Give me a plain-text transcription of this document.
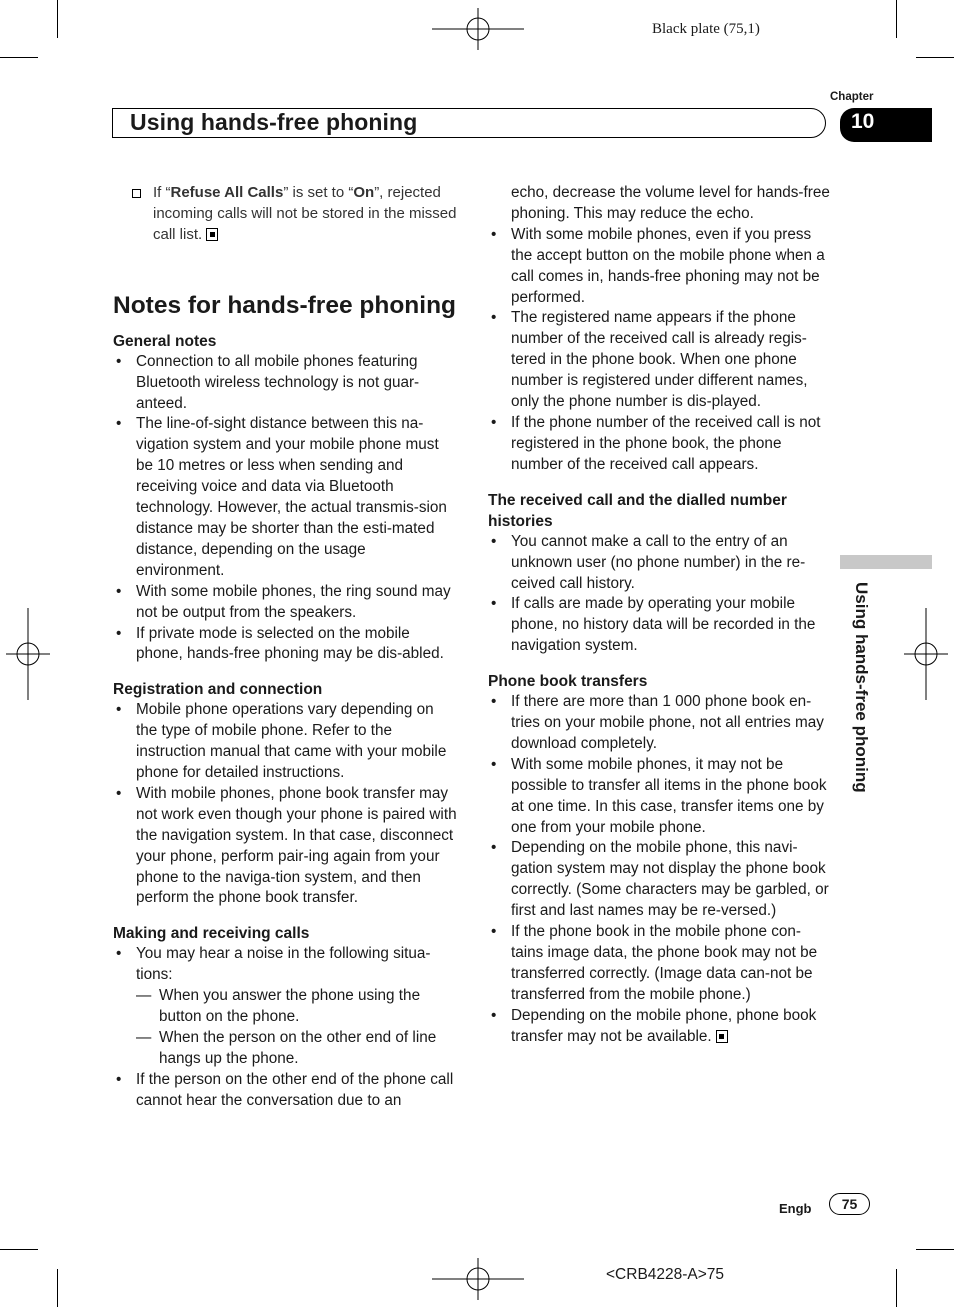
Black plate (75,1)
Using hands-free phoning
Chapter
10
Using hands-free phoning
If “Refuse All Calls” is set to “On”, rejected incoming calls will not be stored in the missed call list.
Notes for hands-free phoning
General notes
•
Connection to all mobile phones featuring Bluetooth wireless technology is not guar-anteed.
•
The line-of-sight distance between this na-vigation system and your mobile phone must be 10 metres or less when sending and receiving voice and data via Bluetooth technology. However, the actual transmis-sion distance may be shorter than the esti-mated distance, depending on the usage environment.
•
With some mobile phones, the ring sound may not be output from the speakers.
•
If private mode is selected on the mobile phone, hands-free phoning may be dis-abled.
Registration and connection
•
Mobile phone operations vary depending on the type of mobile phone. Refer to the instruction manual that came with your mobile phone for detailed instructions.
•
With mobile phones, phone book transfer may not work even though your phone is paired with the navigation system. In that case, disconnect your phone, perform pair-ing again from your phone to the naviga-tion system, and then perform the phone book transfer.
Making and receiving calls
•
You may hear a noise in the following situa-tions:
—
When you answer the phone using the button on the phone.
—
When the person on the other end of line hangs up the phone.
•
If the person on the other end of the phone call cannot hear the conversation due to an
echo, decrease the volume level for hands-free phoning. This may reduce the echo.
•
With some mobile phones, even if you press the accept button on the mobile phone when a call comes in, hands-free phoning may not be performed.
•
The registered name appears if the phone number of the received call is already regis-tered in the phone book. When one phone number is registered under different names, only the phone number is dis-played.
•
If the phone number of the received call is not registered in the phone book, the phone number of the received call appears.
The received call and the dialled number histories
•
You cannot make a call to the entry of an unknown user (no phone number) in the re-ceived call history.
•
If calls are made by operating your mobile phone, no history data will be recorded in the navigation system.
Phone book transfers
•
If there are more than 1 000 phone book en-tries on your mobile phone, not all entries may download completely.
•
With some mobile phones, it may not be possible to transfer all items in the phone book at one time. In this case, transfer items one by one from your mobile phone.
•
Depending on the mobile phone, this navi-gation system may not display the phone book correctly. (Some characters may be garbled, or first and last names may be re-versed.)
•
If the phone book in the mobile phone con-tains image data, the phone book may not be transferred correctly. (Image data can-not be transferred from the mobile phone.)
•
Depending on the mobile phone, phone book transfer may not be available.
Engb	75
<CRB4228-A>75
